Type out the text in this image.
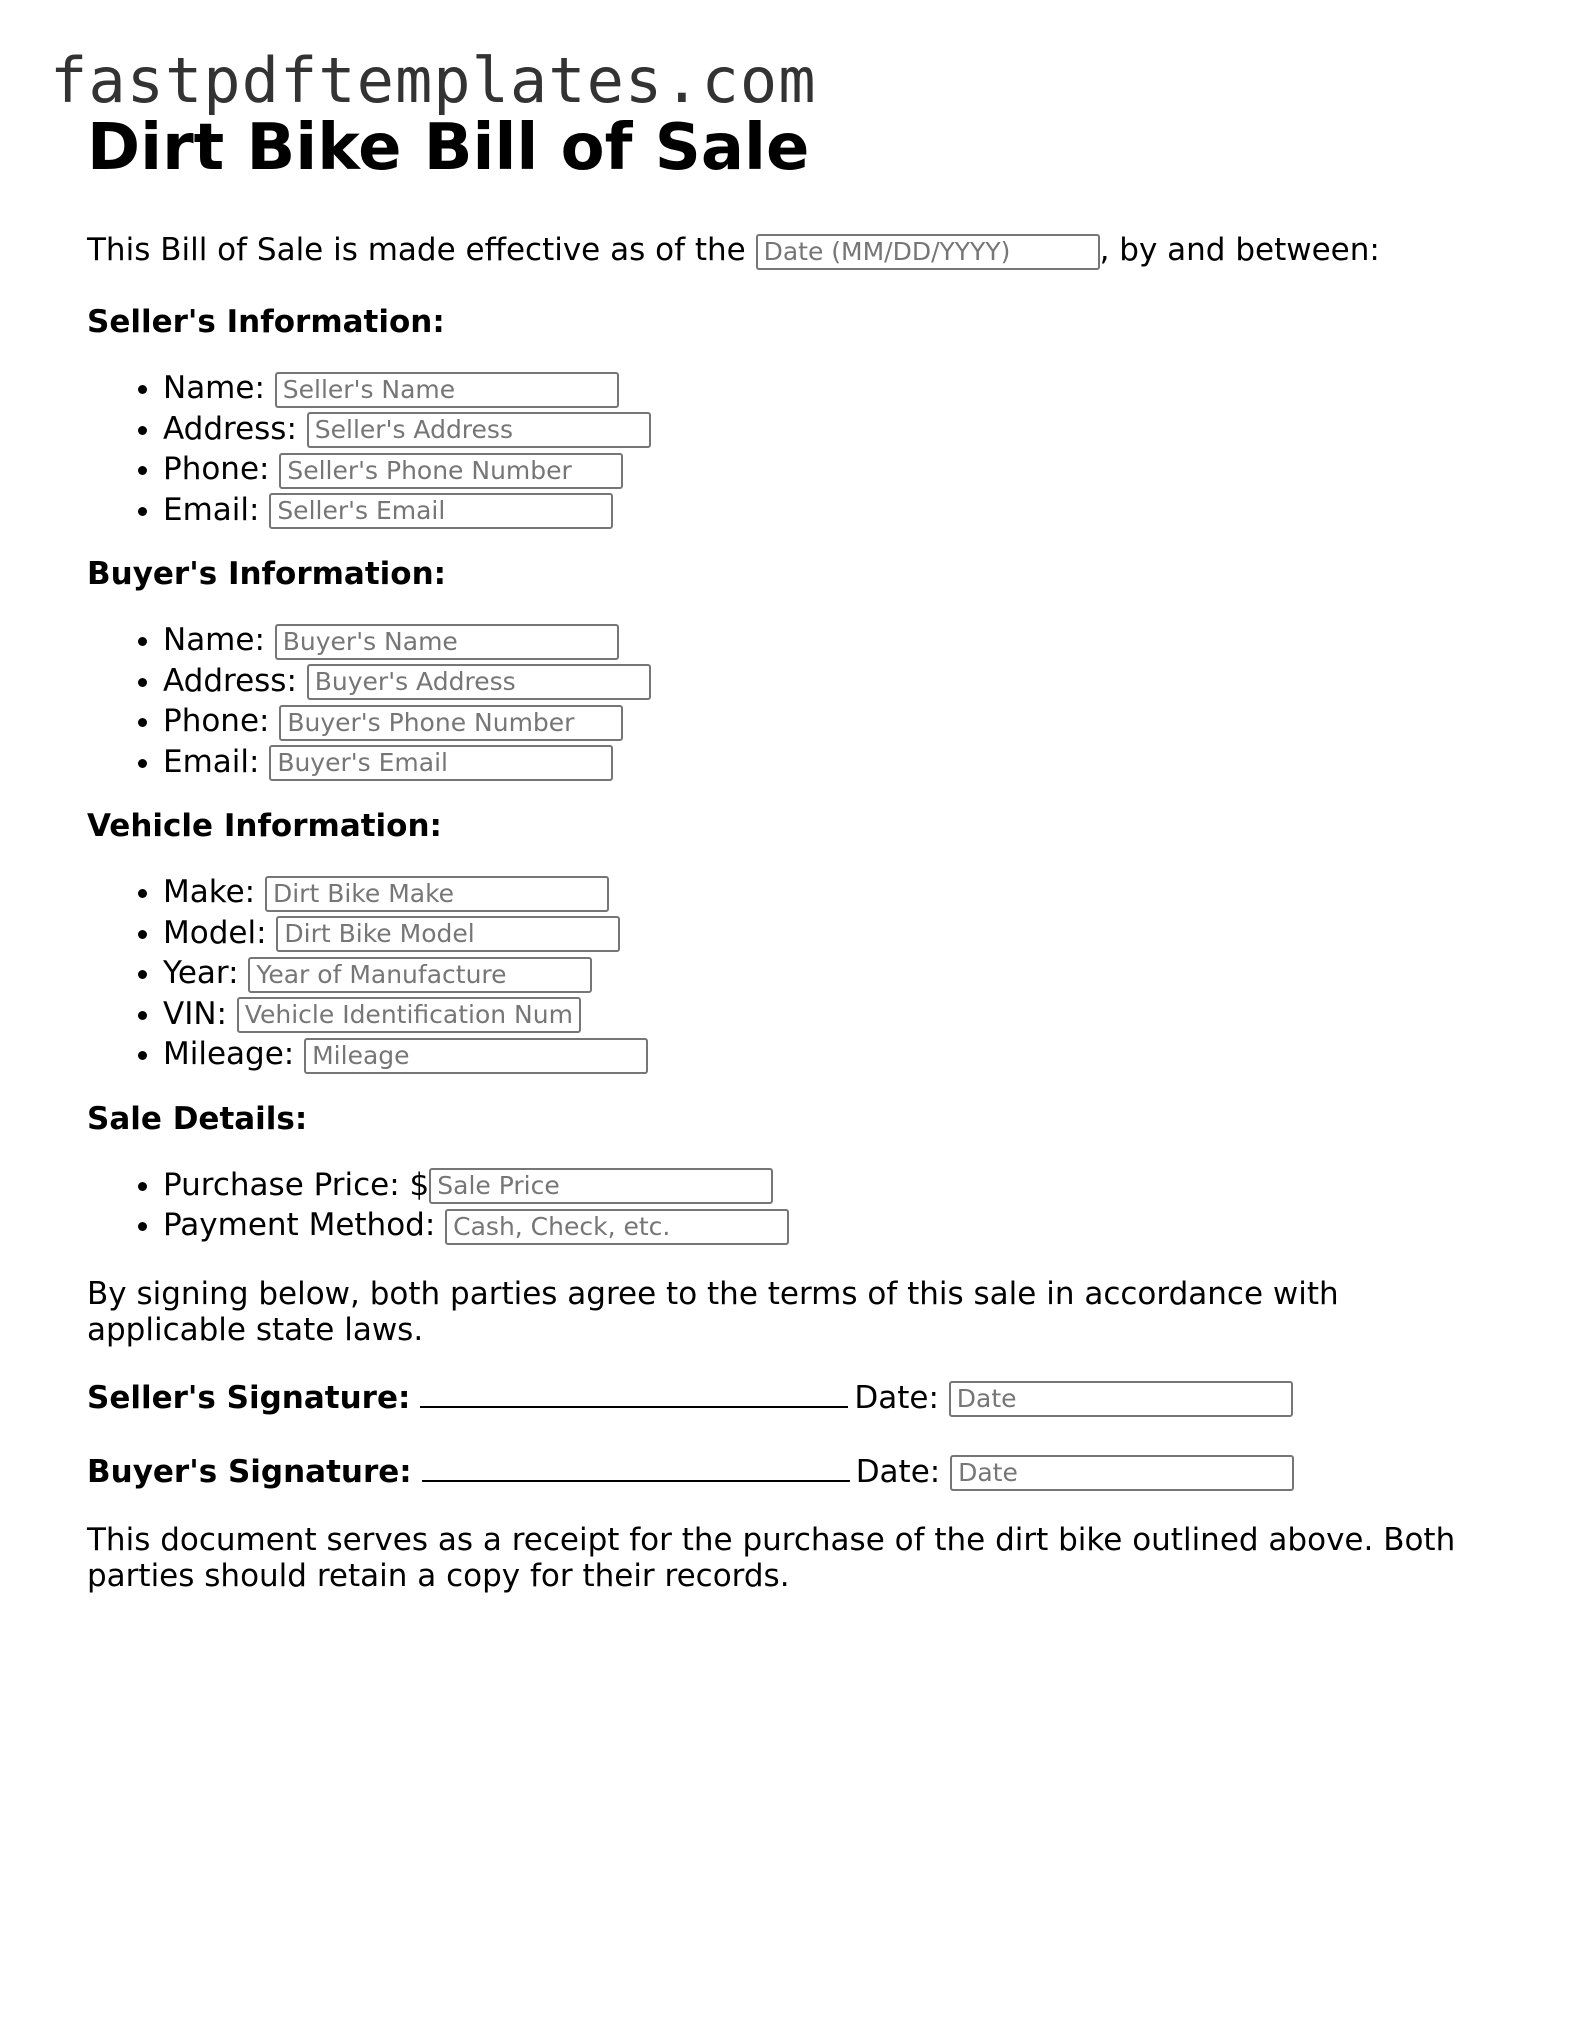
fastpdftemplates.com
Dirt Bike Bill of Sale
This Bill of Sale is made effective as of the Date (MM/DD/YYYY)	, by and between:
Seller's Information:
• Name: Seller's Name
• Address: Seller's Address
• Phone: Seller's Phone Number
• Email: Seller's Email
Buyer's Information:
• Name: Buyer's Name
• Address: Buyer's Address
• Phone: Buyer's Phone Number
• Email: Buyer's Email
Vehicle Information:
• Make: Dirt Bike Make
• Model: Dirt Bike Model
• Year: Year of Manufacture
• VIN: Vehicle Identification Num
• Mileage: Mileage
Sale Details:
• Purchase Price: $ Sale Price
• Payment Method: Cash, Check, etc.

By signing below, both parties agree to the terms of this sale in accordance with applicable state laws.

Seller's Signature:	Date: Date
Buyer's Signature:	Date: Date

This document serves as a receipt for the purchase of the dirt bike outlined above. Both parties should retain a copy for their records.
